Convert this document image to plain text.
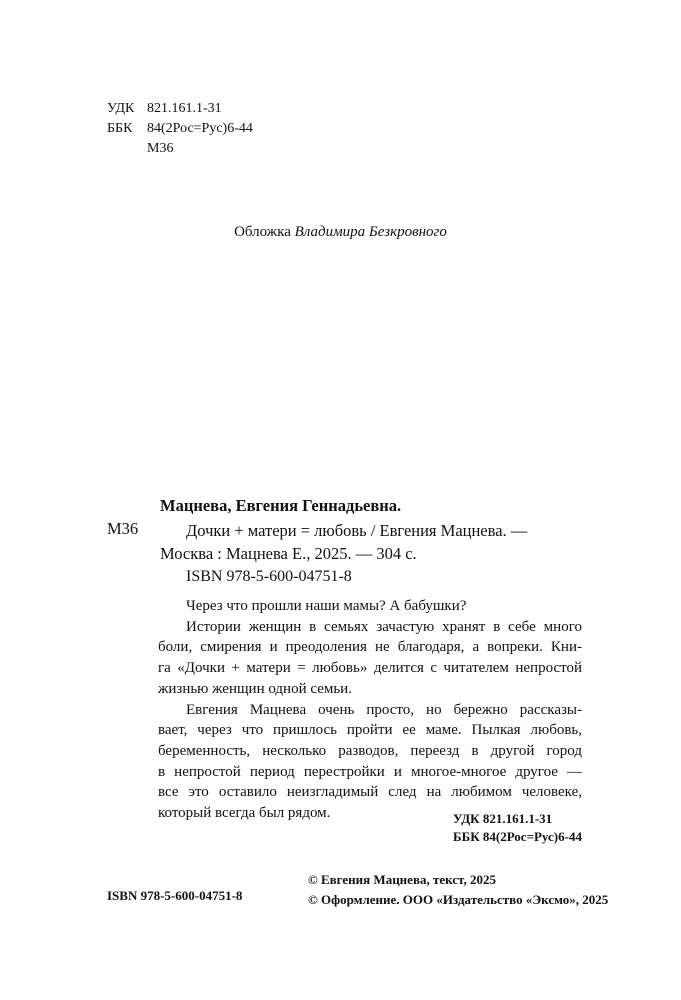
УДК 821.161.1-31
ББК 84(2Рос=Рус)6-44
М36
Обложка Владимира Безкровного
Мацнева, Евгения Геннадьевна.
М36	Дочки + матери = любовь / Евгения Мацнева. —
Москва : Мацнева Е., 2025. — 304 с.
ISBN 978-5-600-04751-8

Через что прошли наши мамы? А бабушки?

Истории женщин в семьях зачастую хранят в себе много

боли, смирения и преодоления не благодаря, а вопреки. Кни-

га «Дочки + матери = любовь» делится с читателем непростой

жизнью женщин одной семьи.

Евгения Мацнева очень просто, но бережно рассказы-

вает, через что пришлось пройти ее маме. Пылкая любовь,

беременность, несколько разводов, переезд в другой город

в непростой период перестройки и многое-многое другое —

все это оставило неизгладимый след на любимом человеке,

который всегда был рядом.	УДК 821.161.1-31
ББК 84(2Рос=Рус)6-44
ISBN 978-5-600-04751-8
© Евгения Мацнева, текст, 2025
© Оформление. ООО «Издательство «Эксмо», 2025
